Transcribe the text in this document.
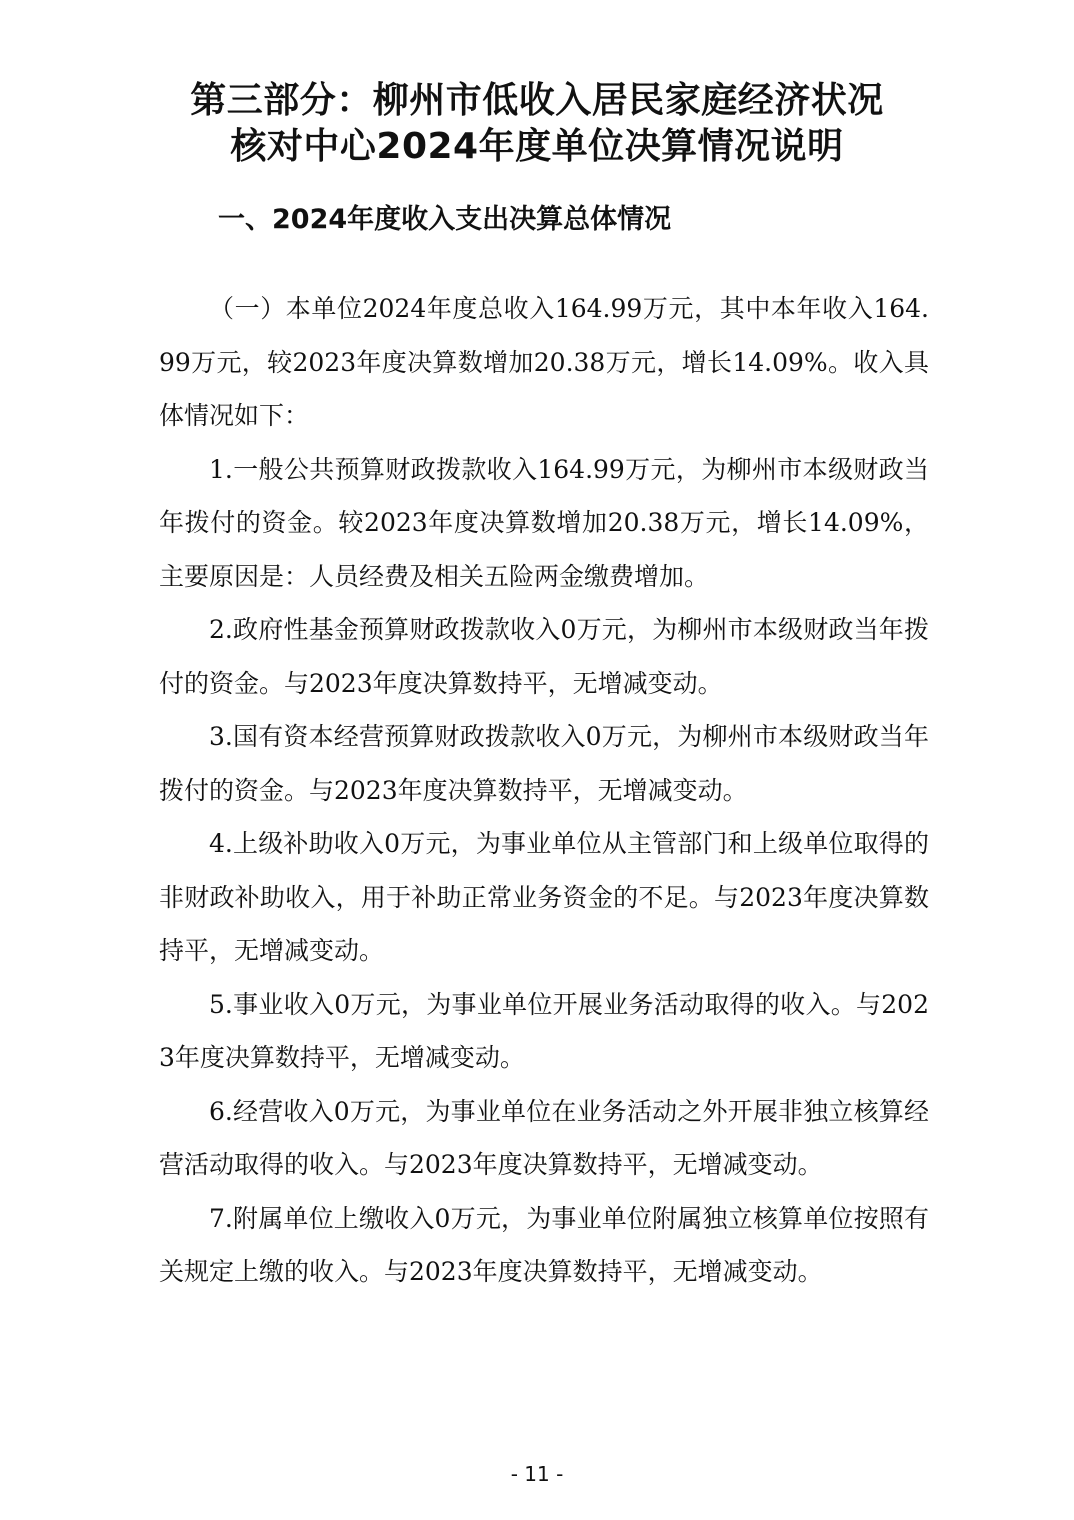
第三部分：柳州市低收入居民家庭经济状况
核对中心2024年度单位决算情况说明
一、2024年度收入支出决算总体情况

（一）本单位2024年度总收入164.99万元，其中本年收入164.99万元，较2023年度决算数增加20.38万元，增长14.09%。收入具体情况如下：

1.一般公共预算财政拨款收入164.99万元，为柳州市本级财政当年拨付的资金。较2023年度决算数增加20.38万元，增长14.09%，主要原因是：人员经费及相关五险两金缴费增加。

2.政府性基金预算财政拨款收入0万元，为柳州市本级财政当年拨付的资金。与2023年度决算数持平，无增减变动。

3.国有资本经营预算财政拨款收入0万元，为柳州市本级财政当年拨付的资金。与2023年度决算数持平，无增减变动。

4.上级补助收入0万元，为事业单位从主管部门和上级单位取得的非财政补助收入，用于补助正常业务资金的不足。与2023年度决算数持平，无增减变动。

5.事业收入0万元，为事业单位开展业务活动取得的收入。与2023年度决算数持平，无增减变动。

6.经营收入0万元，为事业单位在业务活动之外开展非独立核算经营活动取得的收入。与2023年度决算数持平，无增减变动。

7.附属单位上缴收入0万元，为事业单位附属独立核算单位按照有关规定上缴的收入。与2023年度决算数持平，无增减变动。

- 11 -
